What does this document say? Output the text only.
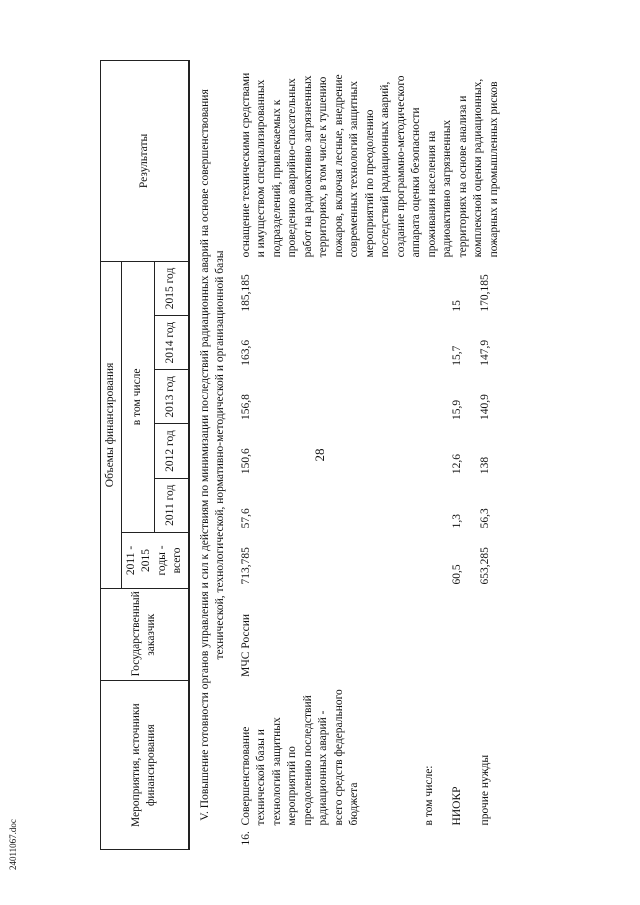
28
24011067.doc
Мероприятия, источники финансирования		Государственный заказчик	Объемы финансирования						Результаты
			2011 - 2015 годы - всего	в том числе					
				2011 год	2012 год	2013 год	2014 год	2015 год	
V. Повышение готовности органов управления и сил к действиям по минимизации последствий радиационных аварий на основе совершенствования технической, технологической, нормативно-методической и организационной базы									
16.	Совершенствование технической базы и технологий защитных мероприятий по преодолению последствий радиационных аварий - всего средств федерального бюджета	МЧС России	713,785	57,6	150,6	156,8	163,6	185,185	оснащение техническими средствами и имуществом специализированных подразделений, привлекаемых к проведению аварийно-спасательных работ на радиоактивно загрязненных территориях, в том числе к тушению пожаров, включая лесные, внедрение современных технологий защитных мероприятий по преодолению последствий радиационных аварий, создание программно-методического аппарата оценки безопасности проживания населения на радиоактивно загрязненных территориях на основе анализа и комплексной оценки радиационных, пожарных и промышленных рисков
	в том числе:								
	НИОКР		60,5	1,3	12,6	15,9	15,7	15	
	прочие нужды		653,285	56,3	138	140,9	147,9	170,185	
